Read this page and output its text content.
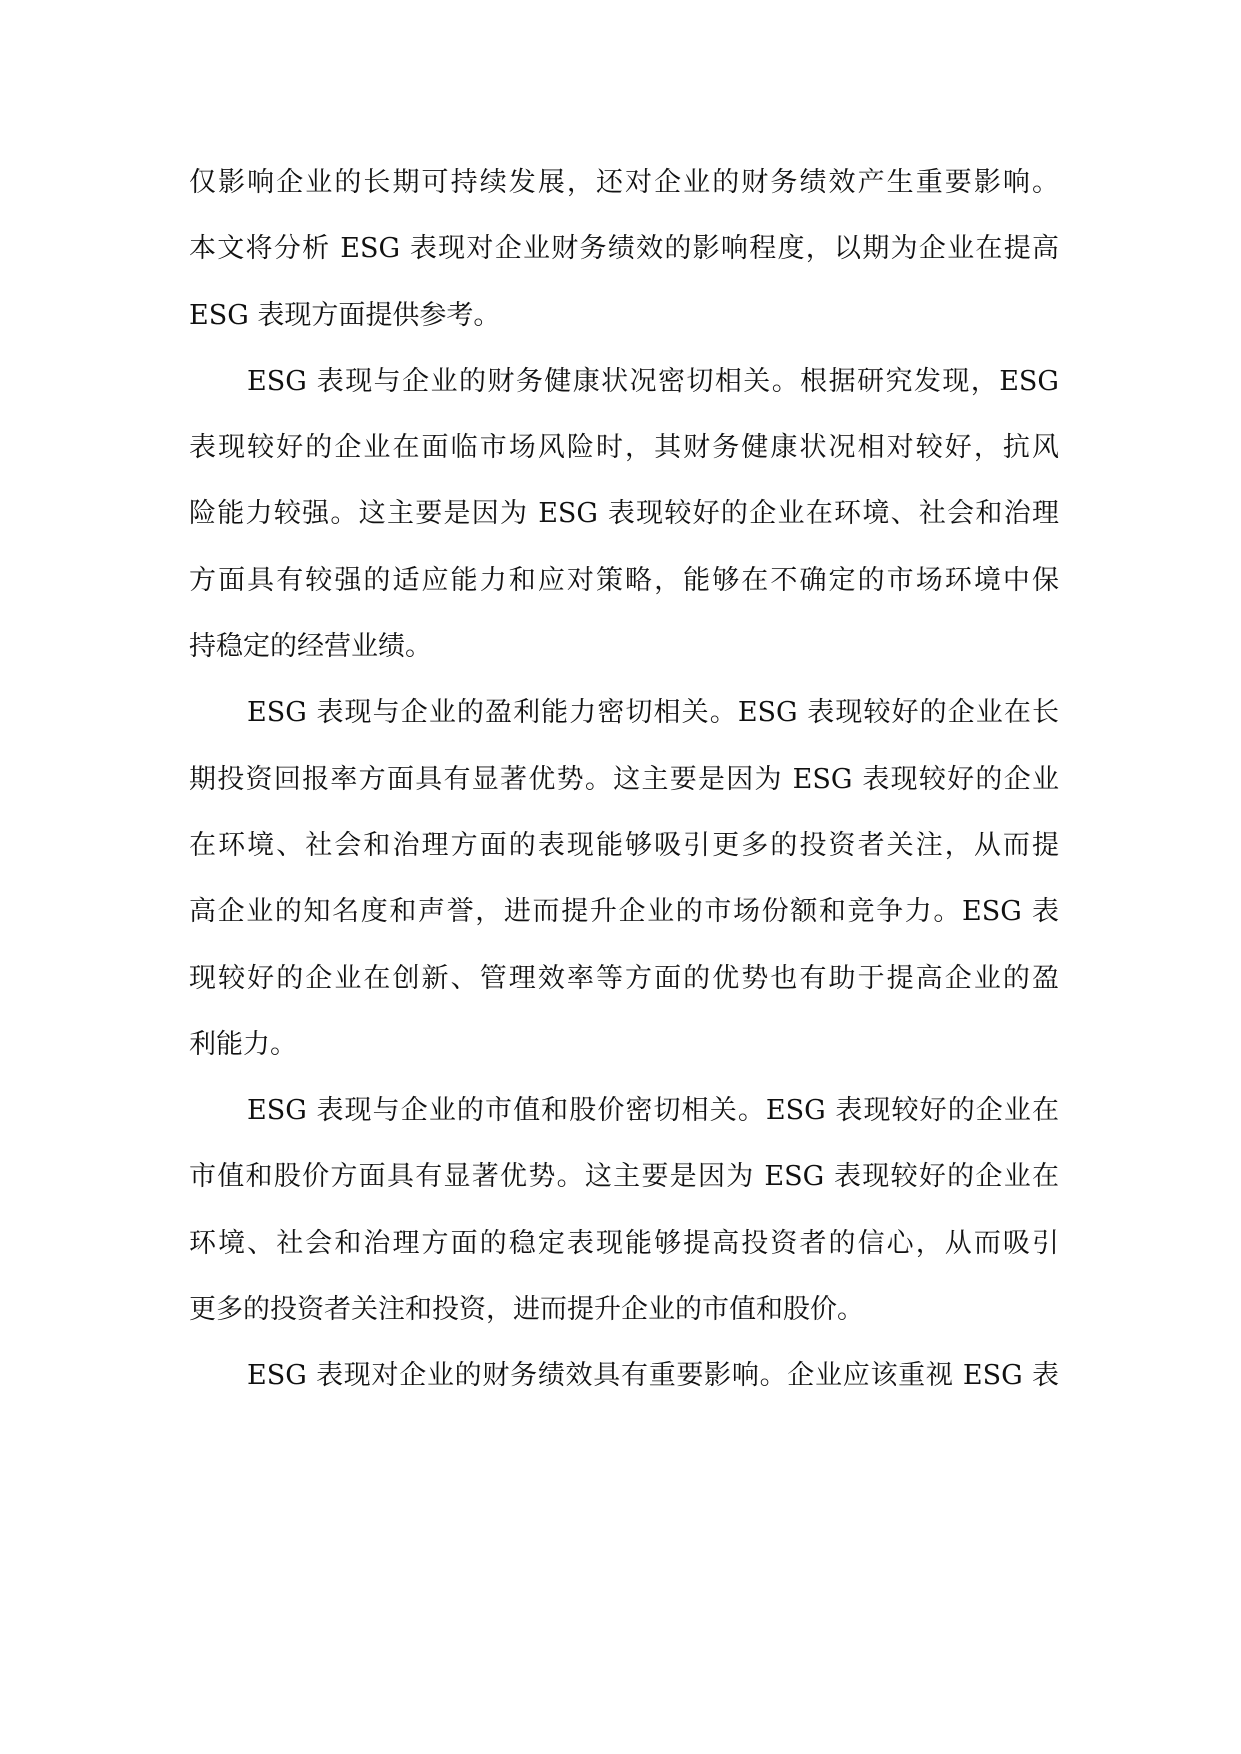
仅影响企业的长期可持续发展，还对企业的财务绩效产生重要影响。
本文将分析 ESG 表现对企业财务绩效的影响程度，以期为企业在提高
ESG 表现方面提供参考。
ESG 表现与企业的财务健康状况密切相关。根据研究发现，ESG
表现较好的企业在面临市场风险时，其财务健康状况相对较好，抗风
险能力较强。这主要是因为 ESG 表现较好的企业在环境、社会和治理
方面具有较强的适应能力和应对策略，能够在不确定的市场环境中保
持稳定的经营业绩。
ESG 表现与企业的盈利能力密切相关。ESG 表现较好的企业在长
期投资回报率方面具有显著优势。这主要是因为 ESG 表现较好的企业
在环境、社会和治理方面的表现能够吸引更多的投资者关注，从而提
高企业的知名度和声誉，进而提升企业的市场份额和竞争力。ESG 表
现较好的企业在创新、管理效率等方面的优势也有助于提高企业的盈
利能力。
ESG 表现与企业的市值和股价密切相关。ESG 表现较好的企业在
市值和股价方面具有显著优势。这主要是因为 ESG 表现较好的企业在
环境、社会和治理方面的稳定表现能够提高投资者的信心，从而吸引
更多的投资者关注和投资，进而提升企业的市值和股价。
ESG 表现对企业的财务绩效具有重要影响。企业应该重视 ESG 表
